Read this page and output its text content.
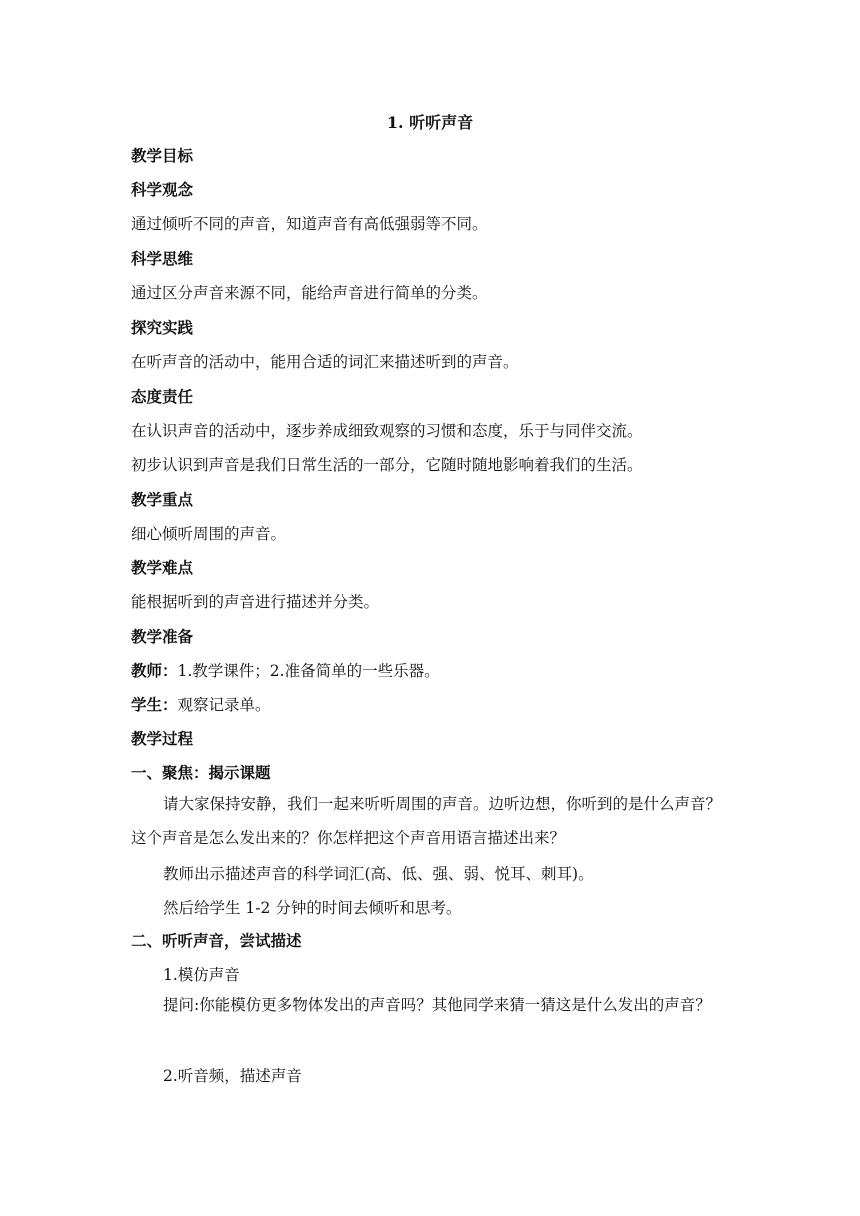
1. 听听声音
教学目标
科学观念
通过倾听不同的声音，知道声音有高低强弱等不同。
科学思维
通过区分声音来源不同，能给声音进行简单的分类。
探究实践
在听声音的活动中，能用合适的词汇来描述听到的声音。
态度责任
在认识声音的活动中，逐步养成细致观察的习惯和态度，乐于与同伴交流。
初步认识到声音是我们日常生活的一部分，它随时随地影响着我们的生活。
教学重点
细心倾听周围的声音。
教学难点
能根据听到的声音进行描述并分类。
教学准备
教师：1.教学课件；2.准备简单的一些乐器。
学生：观察记录单。
教学过程
一、聚焦：揭示课题
请大家保持安静，我们一起来听听周围的声音。边听边想，你听到的是什么声音？这个声音是怎么发出来的？你怎样把这个声音用语言描述出来？
教师出示描述声音的科学词汇(高、低、强、弱、悦耳、刺耳)。
然后给学生 1-2 分钟的时间去倾听和思考。
二、听听声音，尝试描述
1.模仿声音
提问:你能模仿更多物体发出的声音吗？其他同学来猜一猜这是什么发出的声音？
2.听音频，描述声音
